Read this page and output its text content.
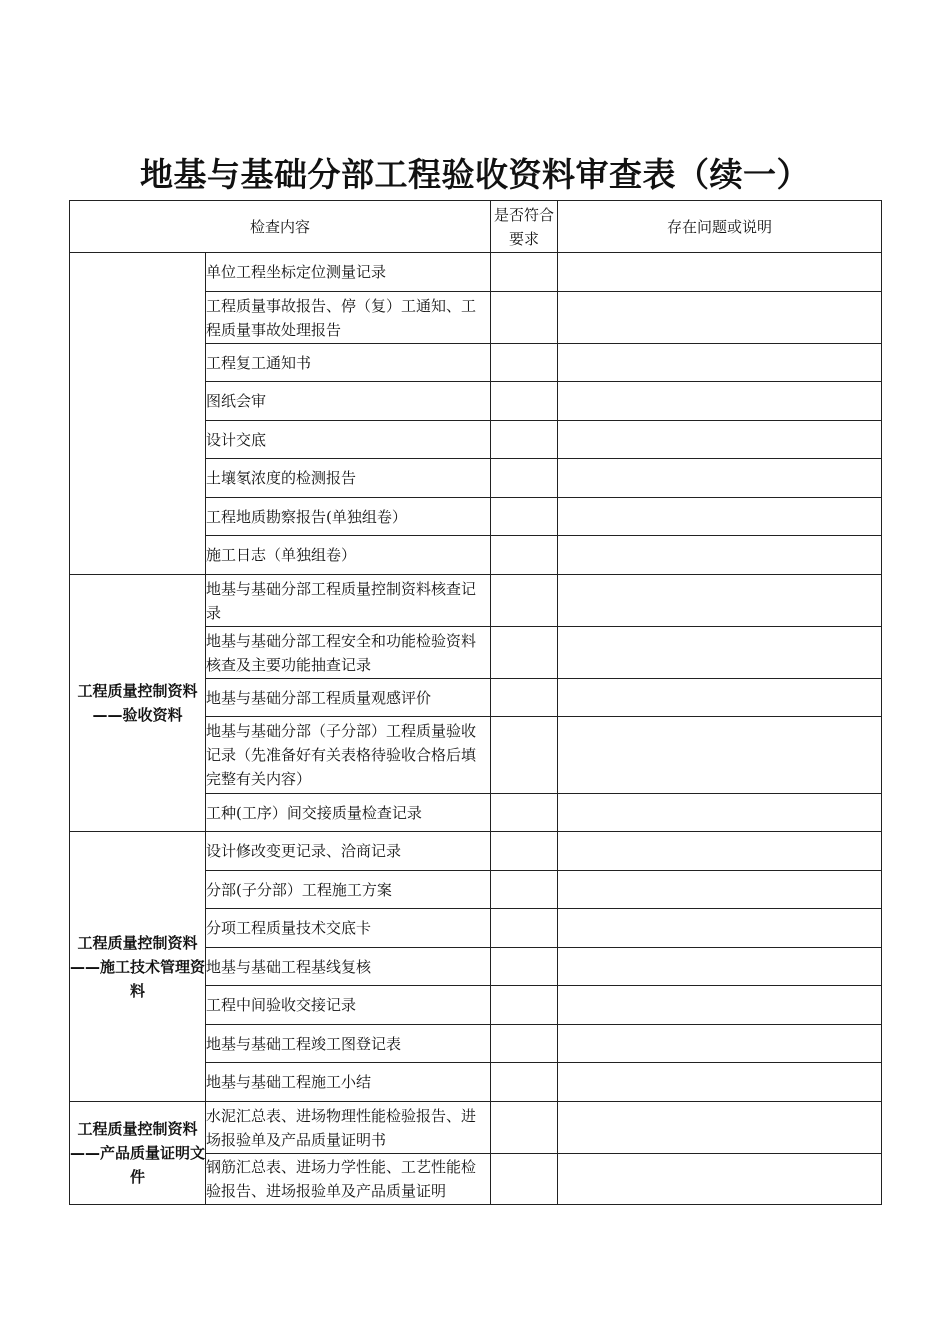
地基与基础分部工程验收资料审查表（续一）
检查内容		是否符合要求	存在问题或说明
	单位工程坐标定位测量记录		
	工程质量事故报告、停（复）工通知、工程质量事故处理报告		
	工程复工通知书		
	图纸会审		
	设计交底		
	土壤氡浓度的检测报告		
	工程地质勘察报告(单独组卷）		
	施工日志（单独组卷）		
工程质量控制资料——验收资料	地基与基础分部工程质量控制资料核查记录		
	地基与基础分部工程安全和功能检验资料核查及主要功能抽查记录		
	地基与基础分部工程质量观感评价		
	地基与基础分部（子分部）工程质量验收记录（先准备好有关表格待验收合格后填完整有关内容）		
	工种(工序）间交接质量检查记录		
工程质量控制资料——施工技术管理资料	设计修改变更记录、洽商记录		
	分部(子分部）工程施工方案		
	分项工程质量技术交底卡		
	地基与基础工程基线复核		
	工程中间验收交接记录		
	地基与基础工程竣工图登记表		
	地基与基础工程施工小结		
工程质量控制资料——产品质量证明文件	水泥汇总表、进场物理性能检验报告、进场报验单及产品质量证明书		
	钢筋汇总表、进场力学性能、工艺性能检验报告、进场报验单及产品质量证明		
